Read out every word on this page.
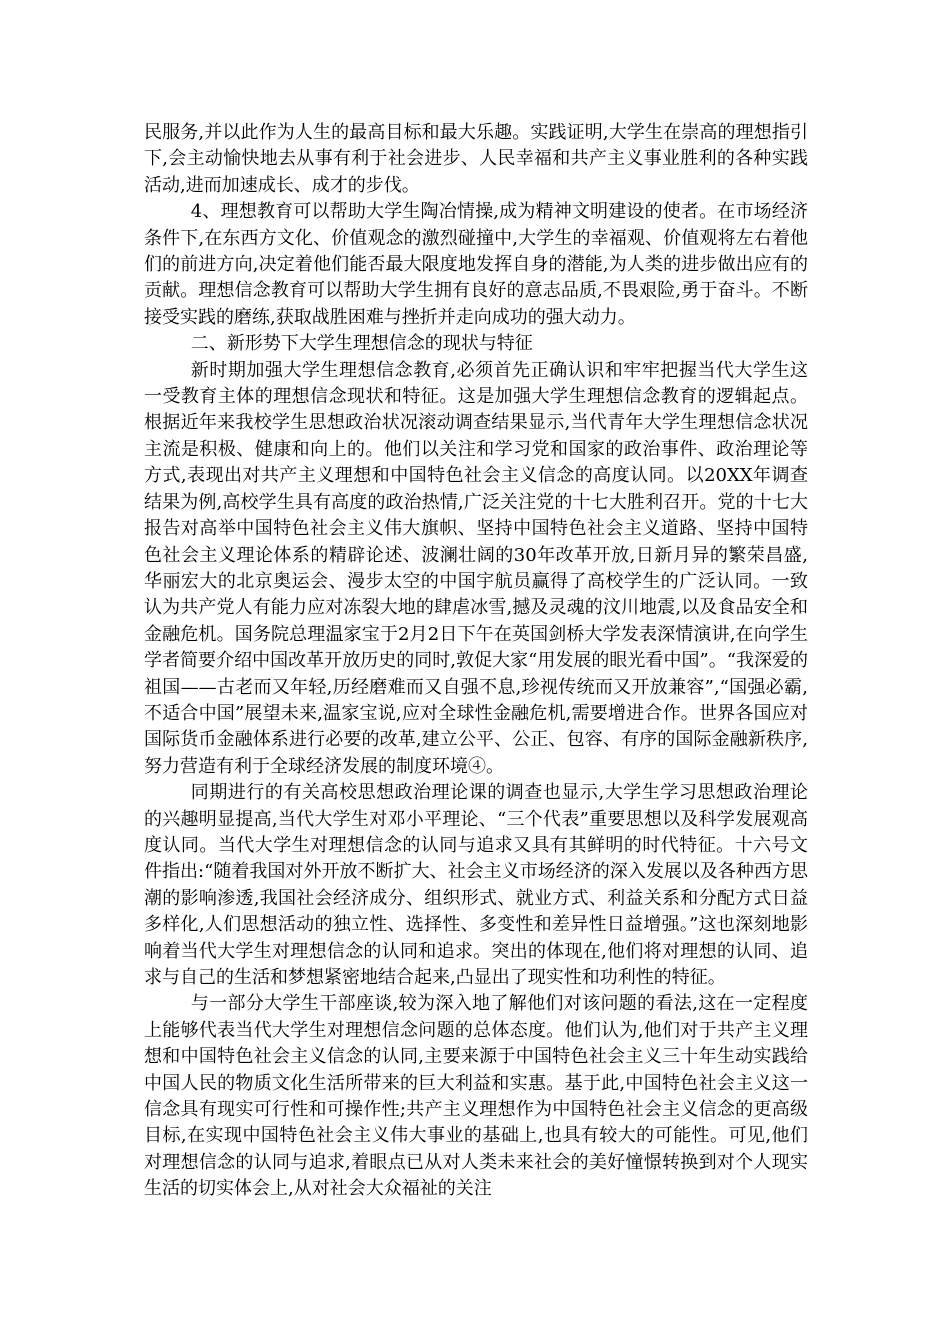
民服务,并以此作为人生的最高目标和最大乐趣。实践证明,大学生在崇高的理想指引下,会主动愉快地去从事有利于社会进步、人民幸福和共产主义事业胜利的各种实践活动,进而加速成长、成才的步伐。

4、理想教育可以帮助大学生陶冶情操,成为精神文明建设的使者。在市场经济条件下,在东西方文化、价值观念的激烈碰撞中,大学生的幸福观、价值观将左右着他们的前进方向,决定着他们能否最大限度地发挥自身的潜能,为人类的进步做出应有的贡献。理想信念教育可以帮助大学生拥有良好的意志品质,不畏艰险,勇于奋斗。不断接受实践的磨练,获取战胜困难与挫折并走向成功的强大动力。

二、新形势下大学生理想信念的现状与特征

新时期加强大学生理想信念教育,必须首先正确认识和牢牢把握当代大学生这一受教育主体的理想信念现状和特征。这是加强大学生理想信念教育的逻辑起点。根据近年来我校学生思想政治状况滚动调查结果显示,当代青年大学生理想信念状况主流是积极、健康和向上的。他们以关注和学习党和国家的政治事件、政治理论等方式,表现出对共产主义理想和中国特色社会主义信念的高度认同。以20XX年调查结果为例,高校学生具有高度的政治热情,广泛关注党的十七大胜利召开。党的十七大报告对高举中国特色社会主义伟大旗帜、坚持中国特色社会主义道路、坚持中国特色社会主义理论体系的精辟论述、波澜壮阔的30年改革开放,日新月异的繁荣昌盛,华丽宏大的北京奥运会、漫步太空的中国宇航员赢得了高校学生的广泛认同。一致认为共产党人有能力应对冻裂大地的肆虐冰雪,撼及灵魂的汶川地震,以及食品安全和金融危机。国务院总理温家宝于2月2日下午在英国剑桥大学发表深情演讲,在向学生学者简要介绍中国改革开放历史的同时,敦促大家“用发展的眼光看中国”。“我深爱的祖国——古老而又年轻,历经磨难而又自强不息,珍视传统而又开放兼容”,“国强必霸,不适合中国”展望未来,温家宝说,应对全球性金融危机,需要增进合作。世界各国应对国际货币金融体系进行必要的改革,建立公平、公正、包容、有序的国际金融新秩序,努力营造有利于全球经济发展的制度环境④。

同期进行的有关高校思想政治理论课的调查也显示,大学生学习思想政治理论的兴趣明显提高,当代大学生对邓小平理论、“三个代表”重要思想以及科学发展观高度认同。当代大学生对理想信念的认同与追求又具有其鲜明的时代特征。十六号文件指出:“随着我国对外开放不断扩大、社会主义市场经济的深入发展以及各种西方思潮的影响渗透,我国社会经济成分、组织形式、就业方式、利益关系和分配方式日益多样化,人们思想活动的独立性、选择性、多变性和差异性日益增强。”这也深刻地影响着当代大学生对理想信念的认同和追求。突出的体现在,他们将对理想的认同、追求与自己的生活和梦想紧密地结合起来,凸显出了现实性和功利性的特征。

与一部分大学生干部座谈,较为深入地了解他们对该问题的看法,这在一定程度上能够代表当代大学生对理想信念问题的总体态度。他们认为,他们对于共产主义理想和中国特色社会主义信念的认同,主要来源于中国特色社会主义三十年生动实践给中国人民的物质文化生活所带来的巨大利益和实惠。基于此,中国特色社会主义这一信念具有现实可行性和可操作性;共产主义理想作为中国特色社会主义信念的更高级目标,在实现中国特色社会主义伟大事业的基础上,也具有较大的可能性。可见,他们对理想信念的认同与追求,着眼点已从对人类未来社会的美好憧憬转换到对个人现实生活的切实体会上,从对社会大众福祉的关注
